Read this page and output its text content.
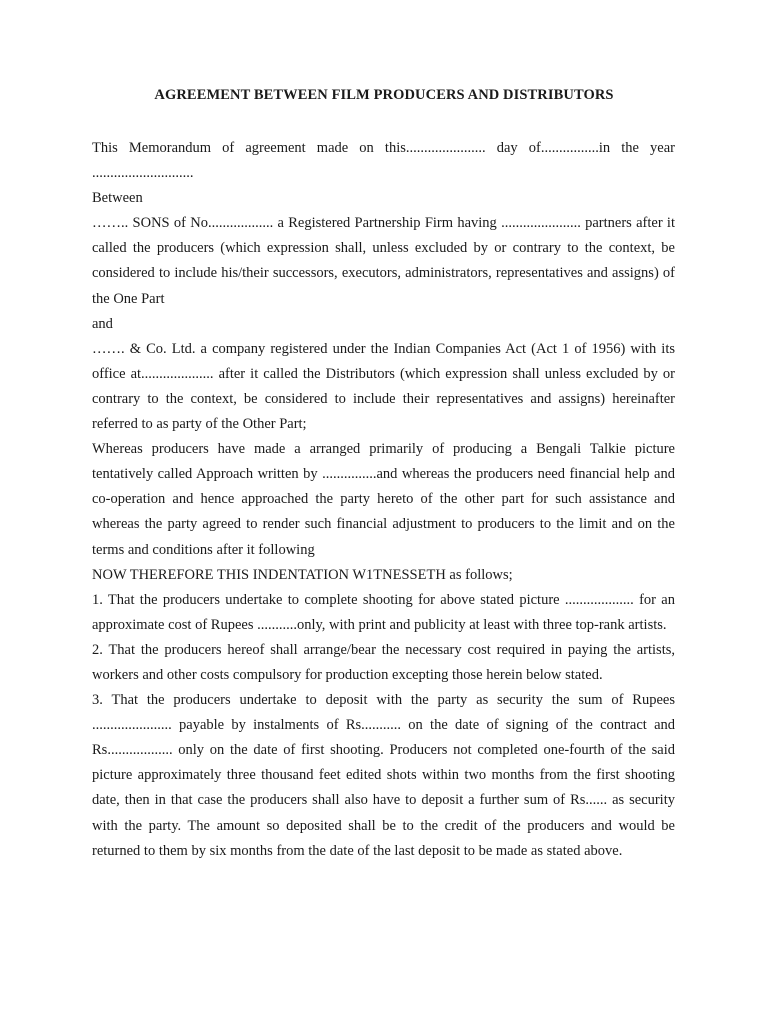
AGREEMENT BETWEEN FILM PRODUCERS AND DISTRIBUTORS

This Memorandum of agreement made on this...................... day of................in the year ............................

Between

…….. SONS of No.................. a Registered Partnership Firm having ...................... partners after it called the producers (which expression shall, unless excluded by or contrary to the context, be considered to include his/their successors, executors, administrators, representatives and assigns) of the One Part

and

……. & Co. Ltd. a company registered under the Indian Companies Act (Act 1 of 1956) with its office at.................... after it called the Distributors (which expression shall unless excluded by or contrary to the context, be considered to include their representatives and assigns) hereinafter referred to as party of the Other Part;

Whereas producers have made a arranged primarily of producing a Bengali Talkie picture tentatively called Approach written by ...............and whereas the producers need financial help and co-operation and hence approached the party hereto of the other part for such assistance and whereas the party agreed to render such financial adjustment to producers to the limit and on the terms and conditions after it following

NOW THEREFORE THIS INDENTATION W1TNESSETH as follows;

1. That the producers undertake to complete shooting for above stated picture ................... for an approximate cost of Rupees ...........only, with print and publicity at least with three top-rank artists.

2. That the producers hereof shall arrange/bear the necessary cost required in paying the artists, workers and other costs compulsory for production excepting those herein below stated.

3. That the producers undertake to deposit with the party as security the sum of Rupees ...................... payable by instalments of Rs........... on the date of signing of the contract and Rs.................. only on the date of first shooting. Producers not completed one-fourth of the said picture approximately three thousand feet edited shots within two months from the first shooting date, then in that case the producers shall also have to deposit a further sum of Rs...... as security with the party. The amount so deposited shall be to the credit of the producers and would be returned to them by six months from the date of the last deposit to be made as stated above.
